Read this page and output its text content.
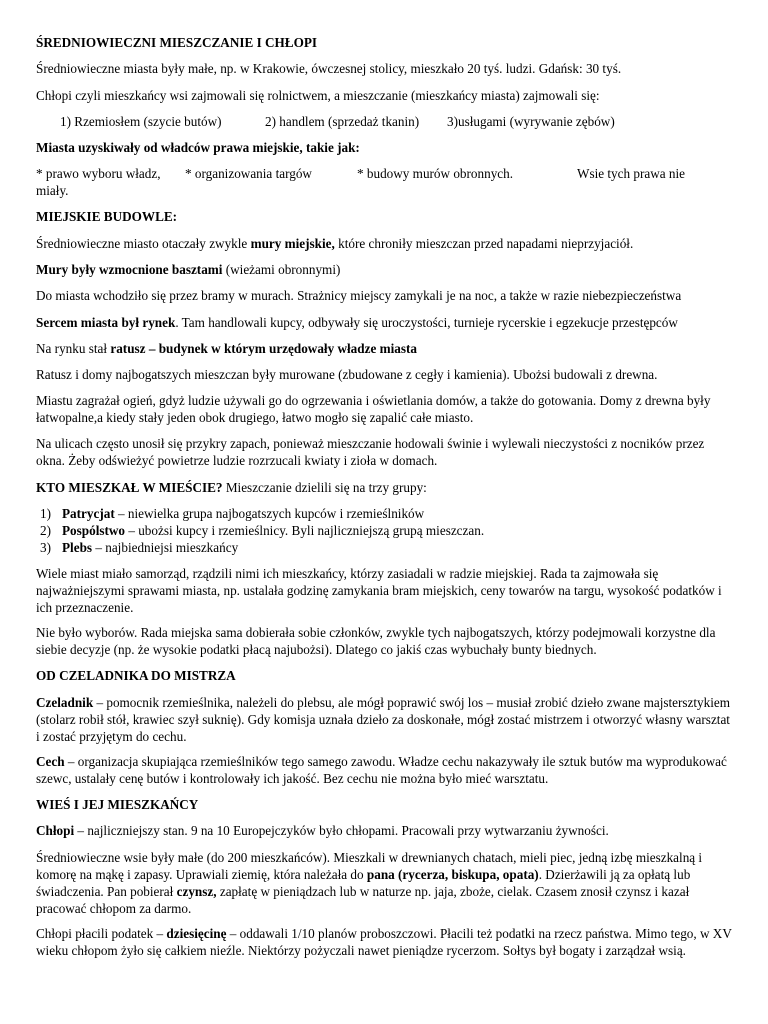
ŚREDNIOWIECZNI MIESZCZANIE I CHŁOPI
Średniowieczne miasta były małe, np. w Krakowie, ówczesnej stolicy, mieszkało 20 tyś. ludzi. Gdańsk: 30 tyś.
Chłopi czyli mieszkańcy wsi zajmowali się rolnictwem, a mieszczanie (mieszkańcy miasta) zajmowali się:
1) Rzemiosłem (szycie butów)	2) handlem (sprzedaż tkanin) 3)usługami (wyrywanie zębów)
Miasta uzyskiwały od władców prawa miejskie, takie jak:
* prawo wyboru władz, * organizowania targów	* budowy murów obronnych.	Wsie tych prawa nie
miały.
MIEJSKIE BUDOWLE:
Średniowieczne miasto otaczały zwykle mury miejskie, które chroniły mieszczan przed napadami nieprzyjaciół.
Mury były wzmocnione basztami (wieżami obronnymi)
Do miasta wchodziło się przez bramy w murach. Strażnicy miejscy zamykali je na noc, a także w razie niebezpieczeństwa
Sercem miasta był rynek. Tam handlowali kupcy, odbywały się uroczystości, turnieje rycerskie i egzekucje przestępców
Na rynku stał ratusz – budynek w którym urzędowały władze miasta
Ratusz i domy najbogatszych mieszczan były murowane (zbudowane z cegły i kamienia). Ubożsi budowali z drewna.
Miastu zagrażał ogień, gdyż ludzie używali go do ogrzewania i oświetlania domów, a także do gotowania. Domy z drewna były łatwopalne,a kiedy stały jeden obok drugiego, łatwo mogło się zapalić całe miasto.
Na ulicach często unosił się przykry zapach, ponieważ mieszczanie hodowali świnie i wylewali nieczystości z nocników przez okna. Żeby odświeżyć powietrze ludzie rozrzucali kwiaty i zioła w domach.
KTO MIESZKAŁ W MIEŚCIE? Mieszczanie dzielili się na trzy grupy:
1) Patrycjat – niewielka grupa najbogatszych kupców i rzemieślników
2) Pospólstwo – ubożsi kupcy i rzemieślnicy. Byli najliczniejszą grupą mieszczan.
3) Plebs – najbiedniejsi mieszkańcy
Wiele miast miało samorząd, rządzili nimi ich mieszkańcy, którzy zasiadali w radzie miejskiej. Rada ta zajmowała się najważniejszymi sprawami miasta, np. ustalała godzinę zamykania bram miejskich, ceny towarów na targu, wysokość podatków i ich przeznaczenie.
Nie było wyborów. Rada miejska sama dobierała sobie członków, zwykle tych najbogatszych, którzy podejmowali korzystne dla siebie decyzje (np. że wysokie podatki płacą najubożsi). Dlatego co jakiś czas wybuchały bunty biednych.
OD CZELADNIKA DO MISTRZA
Czeladnik – pomocnik rzemieślnika, należeli do plebsu, ale mógł poprawić swój los – musiał zrobić dzieło zwane majstersztykiem (stolarz robił stół, krawiec szył suknię). Gdy komisja uznała dzieło za doskonałe, mógł zostać mistrzem i otworzyć własny warsztat i zostać przyjętym do cechu.
Cech – organizacja skupiająca rzemieślników tego samego zawodu. Władze cechu nakazywały ile sztuk butów ma wyprodukować szewc, ustalały cenę butów i kontrolowały ich jakość. Bez cechu nie można było mieć warsztatu.
WIEŚ I JEJ MIESZKAŃCY
Chłopi – najliczniejszy stan. 9 na 10 Europejczyków było chłopami. Pracowali przy wytwarzaniu żywności.
Średniowieczne wsie były małe (do 200 mieszkańców). Mieszkali w drewnianych chatach, mieli piec, jedną izbę mieszkalną i komorę na mąkę i zapasy. Uprawiali ziemię, która należała do pana (rycerza, biskupa, opata). Dzierżawili ją za opłatą lub świadczenia. Pan pobierał czynsz, zapłatę w pieniądzach lub w naturze np. jaja, zboże, cielak. Czasem znosił czynsz i kazał pracować chłopom za darmo.
Chłopi płacili podatek – dziesięcinę – oddawali 1/10 planów proboszczowi. Płacili też podatki na rzecz państwa. Mimo tego, w XV wieku chłopom żyło się całkiem nieźle. Niektórzy pożyczali nawet pieniądze rycerzom. Sołtys był bogaty i zarządzał wsią.
